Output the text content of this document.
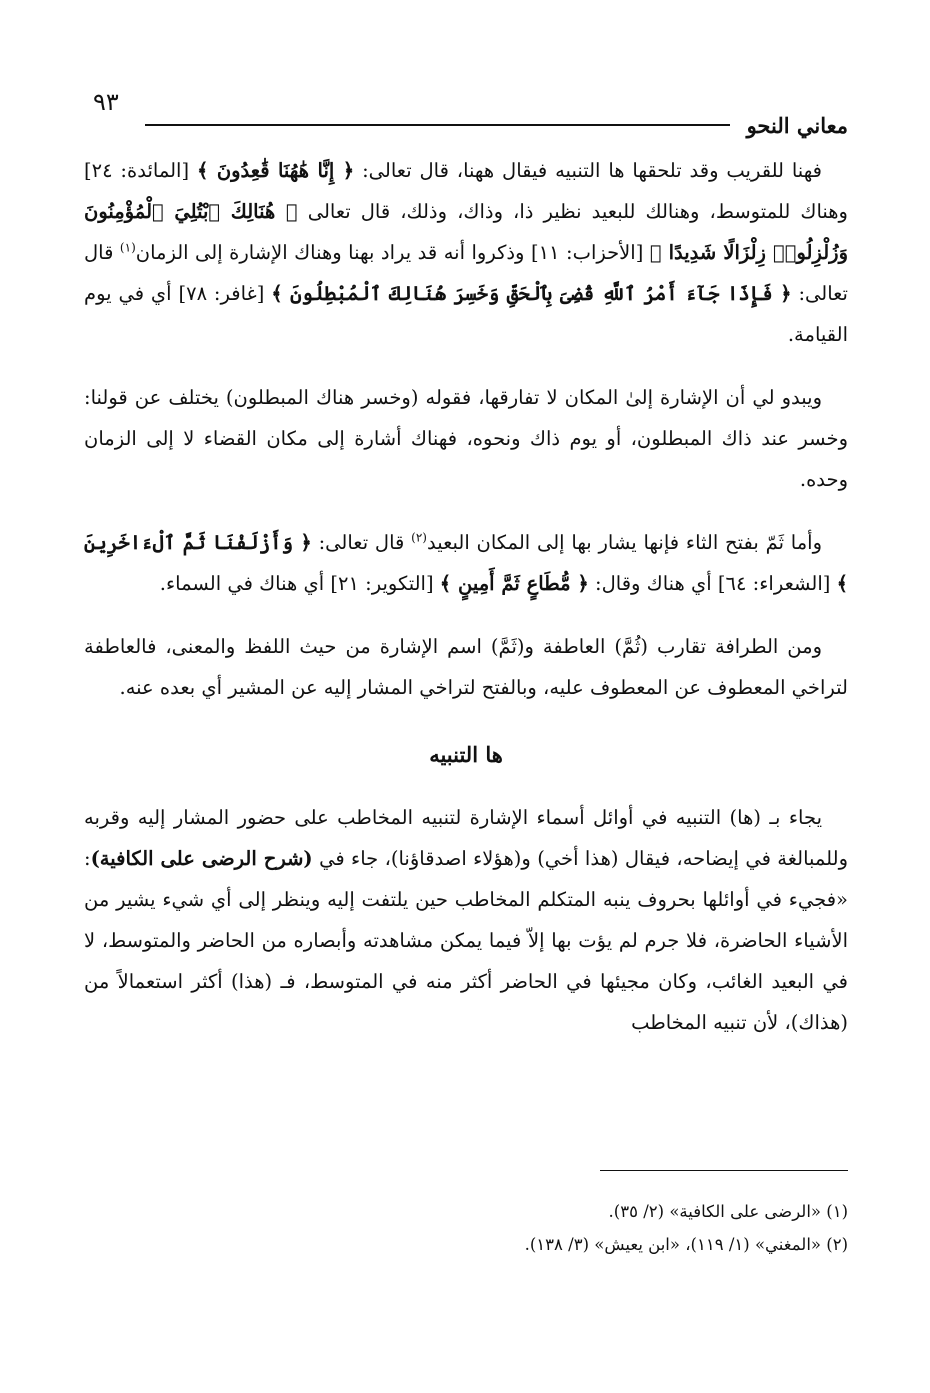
٩٣
معاني النحو

فهنا للقريب وقد تلحقها ها التنبيه فيقال ههنا، قال تعالى: ﴿ إِنَّا هَٰهُنَا قَٰعِدُونَ ﴾ [المائدة: ٢٤] وهناك للمتوسط، وهنالك للبعيد نظير ذا، وذاك، وذلك، قال تعالى ﴿ هُنَالِكَ ٱبْتُلِيَ ٱلْمُؤْمِنُونَ وَزُلْزِلُوا۟ زِلْزَالًا شَدِيدًا ﴾ [الأحزاب: ١١] وذكروا أنه قد يراد بهنا وهناك الإشارة إلى الزمان$^{(١)}$ قال تعالى: ﴿ فَإِذَا جَآءَ أَمْرُ ٱللَّهِ قُضِىَ بِٱلْحَقِّ وَخَسِرَ هُنَالِكَ ٱلْمُبْطِلُونَ ﴾ [غافر: ٧٨] أي في يوم القيامة.

ويبدو لي أن الإشارة إلىٰ المكان لا تفارقها، فقوله (وخسر هناك المبطلون) يختلف عن قولنا: وخسر عند ذاك المبطلون، أو يوم ذاك ونحوه، فهناك أشارة إلى مكان القضاء لا إلى الزمان وحده.

وأما ثَمّ بفتح الثاء فإنها يشار بها إلى المكان البعيد$^{(٢)}$ قال تعالى: ﴿ وَأَزْلَفْنَا ثَمَّ ٱلْءَاخَرِينَ ﴾ [الشعراء: ٦٤] أي هناك وقال: ﴿ مُّطَاعٍ ثَمَّ أَمِينٍ ﴾ [التكوير: ٢١] أي هناك في السماء.

ومن الطرافة تقارب (ثُمَّ) العاطفة و(ثَمَّ) اسم الإشارة من حيث اللفظ والمعنى، فالعاطفة لتراخي المعطوف عن المعطوف عليه، وبالفتح لتراخي المشار إليه عن المشير أي بعده عنه.

ها التنبيه

يجاء بـ (ها) التنبيه في أوائل أسماء الإشارة لتنبيه المخاطب على حضور المشار إليه وقربه وللمبالغة في إيضاحه، فيقال (هذا أخي) و(هؤلاء اصدقاؤنا)، جاء في (شرح الرضى على الكافية): «فجيء في أوائلها بحروف ينبه المتكلم المخاطب حين يلتفت إليه وينظر إلى أي شيء يشير من الأشياء الحاضرة، فلا جرم لم يؤت بها إلاّ فيما يمكن مشاهدته وأبصاره من الحاضر والمتوسط، لا في البعيد الغائب، وكان مجيئها في الحاضر أكثر منه في المتوسط، فـ (هذا) أكثر استعمالاً من (هذاك)، لأن تنبيه المخاطب

(١) «الرضى على الكافية» (٢/ ٣٥).
(٢) «المغني» (١/ ١١٩)، «ابن يعيش» (٣/ ١٣٨).
